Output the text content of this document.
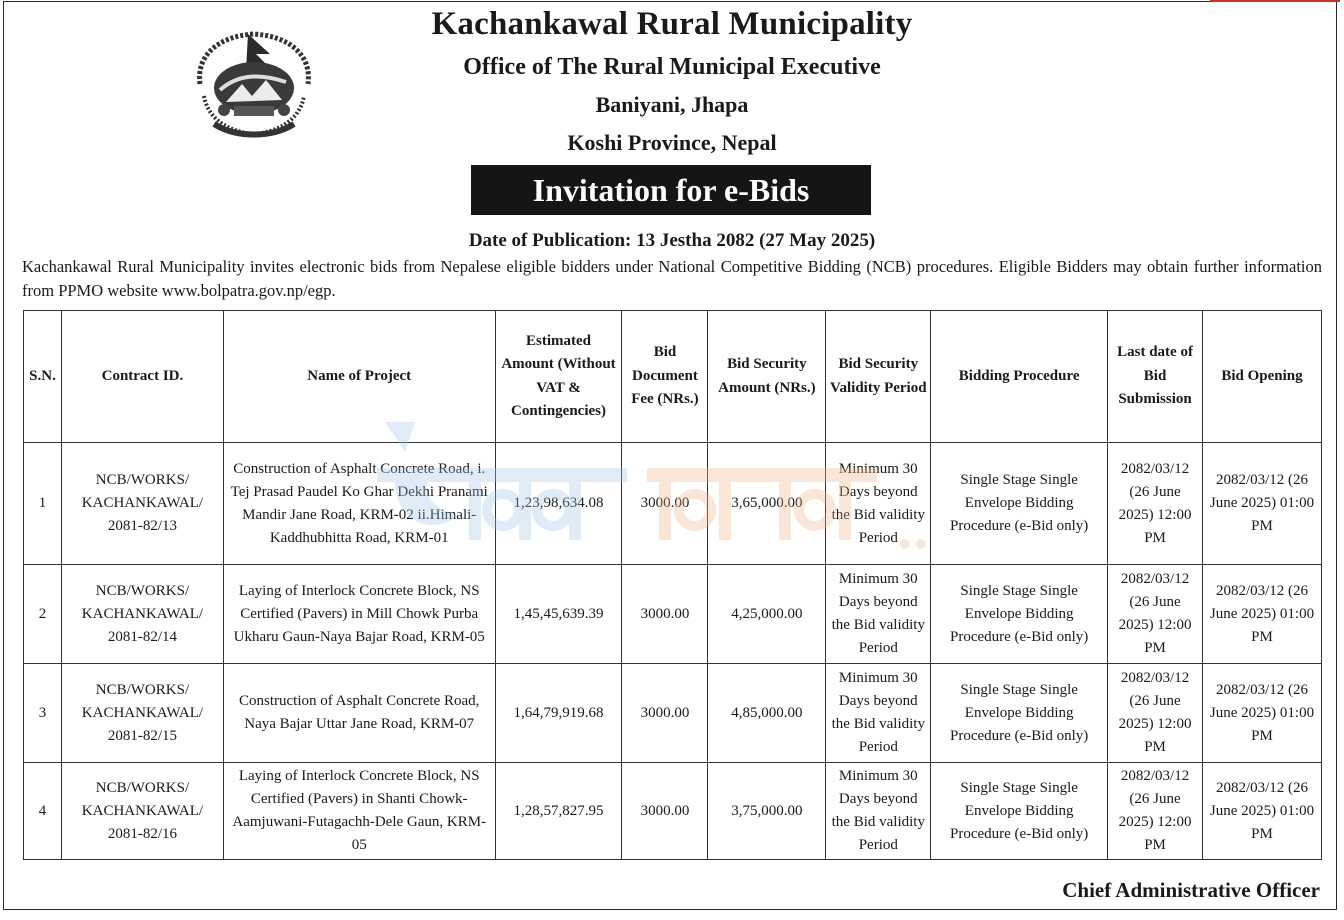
Kachankawal Rural Municipality
Office of The Rural Municipal Executive
Baniyani, Jhapa
Koshi Province, Nepal
Invitation for e-Bids
Date of Publication: 13 Jestha 2082 (27 May 2025)
Kachankawal Rural Municipality invites electronic bids from Nepalese eligible bidders under National Competitive Bidding (NCB) procedures. Eligible Bidders may obtain further information from PPMO website www.bolpatra.gov.np/egp.
S.N.	Contract ID.	Name of Project	Estimated Amount (Without VAT & Contingencies)	Bid Document Fee (NRs.)	Bid Security Amount (NRs.)	Bid Security Validity Period	Bidding Procedure	Last date of Bid Submission	Bid Opening
1	NCB/WORKS/ KACHANKAWAL/ 2081-82/13	Construction of Asphalt Concrete Road, i. Tej Prasad Paudel Ko Ghar Dekhi Pranami Mandir Jane Road, KRM-02 ii.Himali-Kaddhubhitta Road, KRM-01	1,23,98,634.08	3000.00	3,65,000.00	Minimum 30 Days beyond the Bid validity Period	Single Stage Single Envelope Bidding Procedure (e-Bid only)	2082/03/12 (26 June 2025) 12:00 PM	2082/03/12 (26 June 2025) 01:00 PM
2	NCB/WORKS/ KACHANKAWAL/ 2081-82/14	Laying of Interlock Concrete Block, NS Certified (Pavers) in Mill Chowk Purba Ukharu Gaun-Naya Bajar Road, KRM-05	1,45,45,639.39	3000.00	4,25,000.00	Minimum 30 Days beyond the Bid validity Period	Single Stage Single Envelope Bidding Procedure (e-Bid only)	2082/03/12 (26 June 2025) 12:00 PM	2082/03/12 (26 June 2025) 01:00 PM
3	NCB/WORKS/ KACHANKAWAL/ 2081-82/15	Construction of Asphalt Concrete Road, Naya Bajar Uttar Jane Road, KRM-07	1,64,79,919.68	3000.00	4,85,000.00	Minimum 30 Days beyond the Bid validity Period	Single Stage Single Envelope Bidding Procedure (e-Bid only)	2082/03/12 (26 June 2025) 12:00 PM	2082/03/12 (26 June 2025) 01:00 PM
4	NCB/WORKS/ KACHANKAWAL/ 2081-82/16	Laying of Interlock Concrete Block, NS Certified (Pavers) in Shanti Chowk-Aamjuwani-Futagachh-Dele Gaun, KRM-05	1,28,57,827.95	3000.00	3,75,000.00	Minimum 30 Days beyond the Bid validity Period	Single Stage Single Envelope Bidding Procedure (e-Bid only)	2082/03/12 (26 June 2025) 12:00 PM	2082/03/12 (26 June 2025) 01:00 PM
Chief Administrative Officer
